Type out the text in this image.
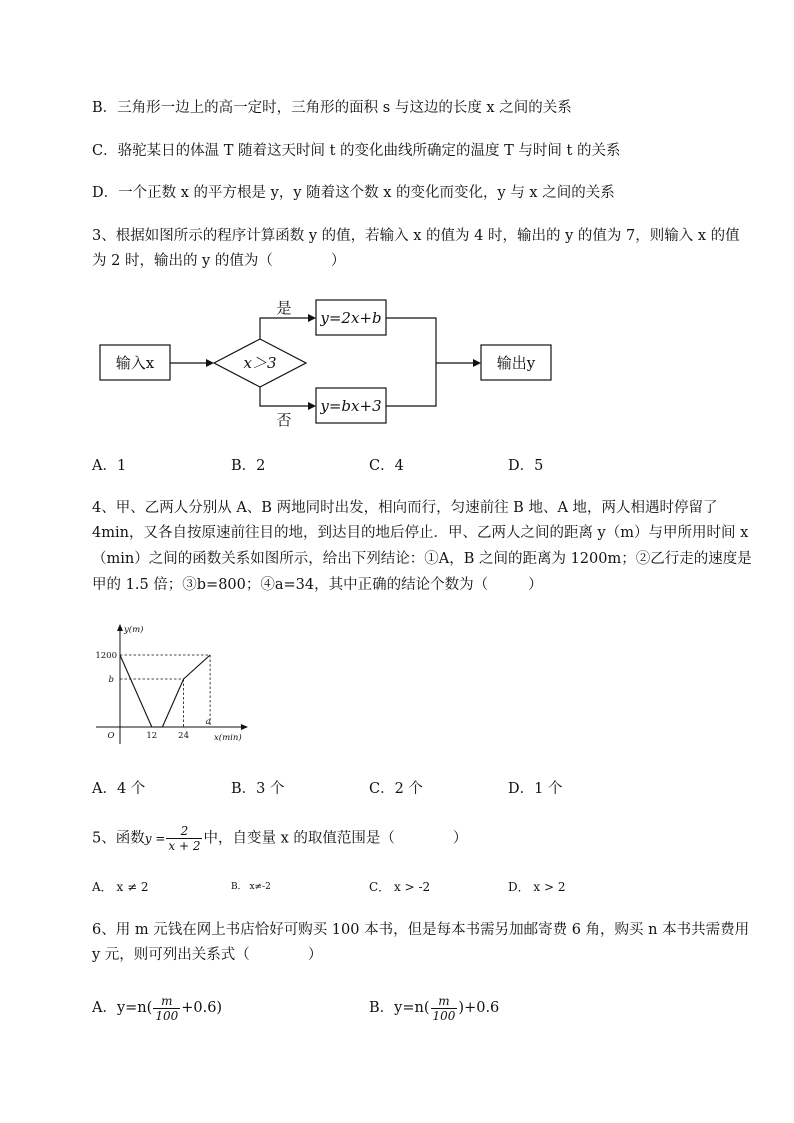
B．三角形一边上的高一定时，三角形的面积 s 与这边的长度 x 之间的关系
C．骆驼某日的体温 T 随着这天时间 t 的变化曲线所确定的温度 T 与时间 t 的关系
D．一个正数 x 的平方根是 y，y 随着这个数 x 的变化而变化，y 与 x 之间的关系
3、根据如图所示的程序计算函数 y 的值，若输入 x 的值为 4 时，输出的 y 的值为 7，则输入 x 的值
为 2 时，输出的 y 的值为（	）
输入x	x＞3
是
否
y=2x+b
y=bx+3
输出y
A．1	B．2	C．4	D．5
4、甲、乙两人分别从 A、B 两地同时出发，相向而行，匀速前往 B 地、A 地，两人相遇时停留了
4min，又各自按原速前往目的地，到达目的地后停止．甲、乙两人之间的距离 y（m）与甲所用时间 x
（min）之间的函数关系如图所示，给出下列结论：①A，B 之间的距离为 1200m；②乙行走的速度是
甲的 1.5 倍；③b=800；④a=34，其中正确的结论个数为（	）
y(m)
x(min)
O	12 24
a
1200
b
A．4 个	B．3 个	C．2 个	D．1 个
5、函数$y = \frac{2}{x + 2}$ 中，自变量 x 的取值范围是（	）
A． x ≠ 2	B． x≠-2	C． x > -2	D． x > 2
6、用 m 元钱在网上书店恰好可购买 100 本书，但是每本书需另加邮寄费 6 角，购买 n 本书共需费用
y 元，则可列出关系式（	）
A．$y=n( \frac{m}{100} +0.6)$	B．$y=n( \frac{m}{100} )+0.6$
